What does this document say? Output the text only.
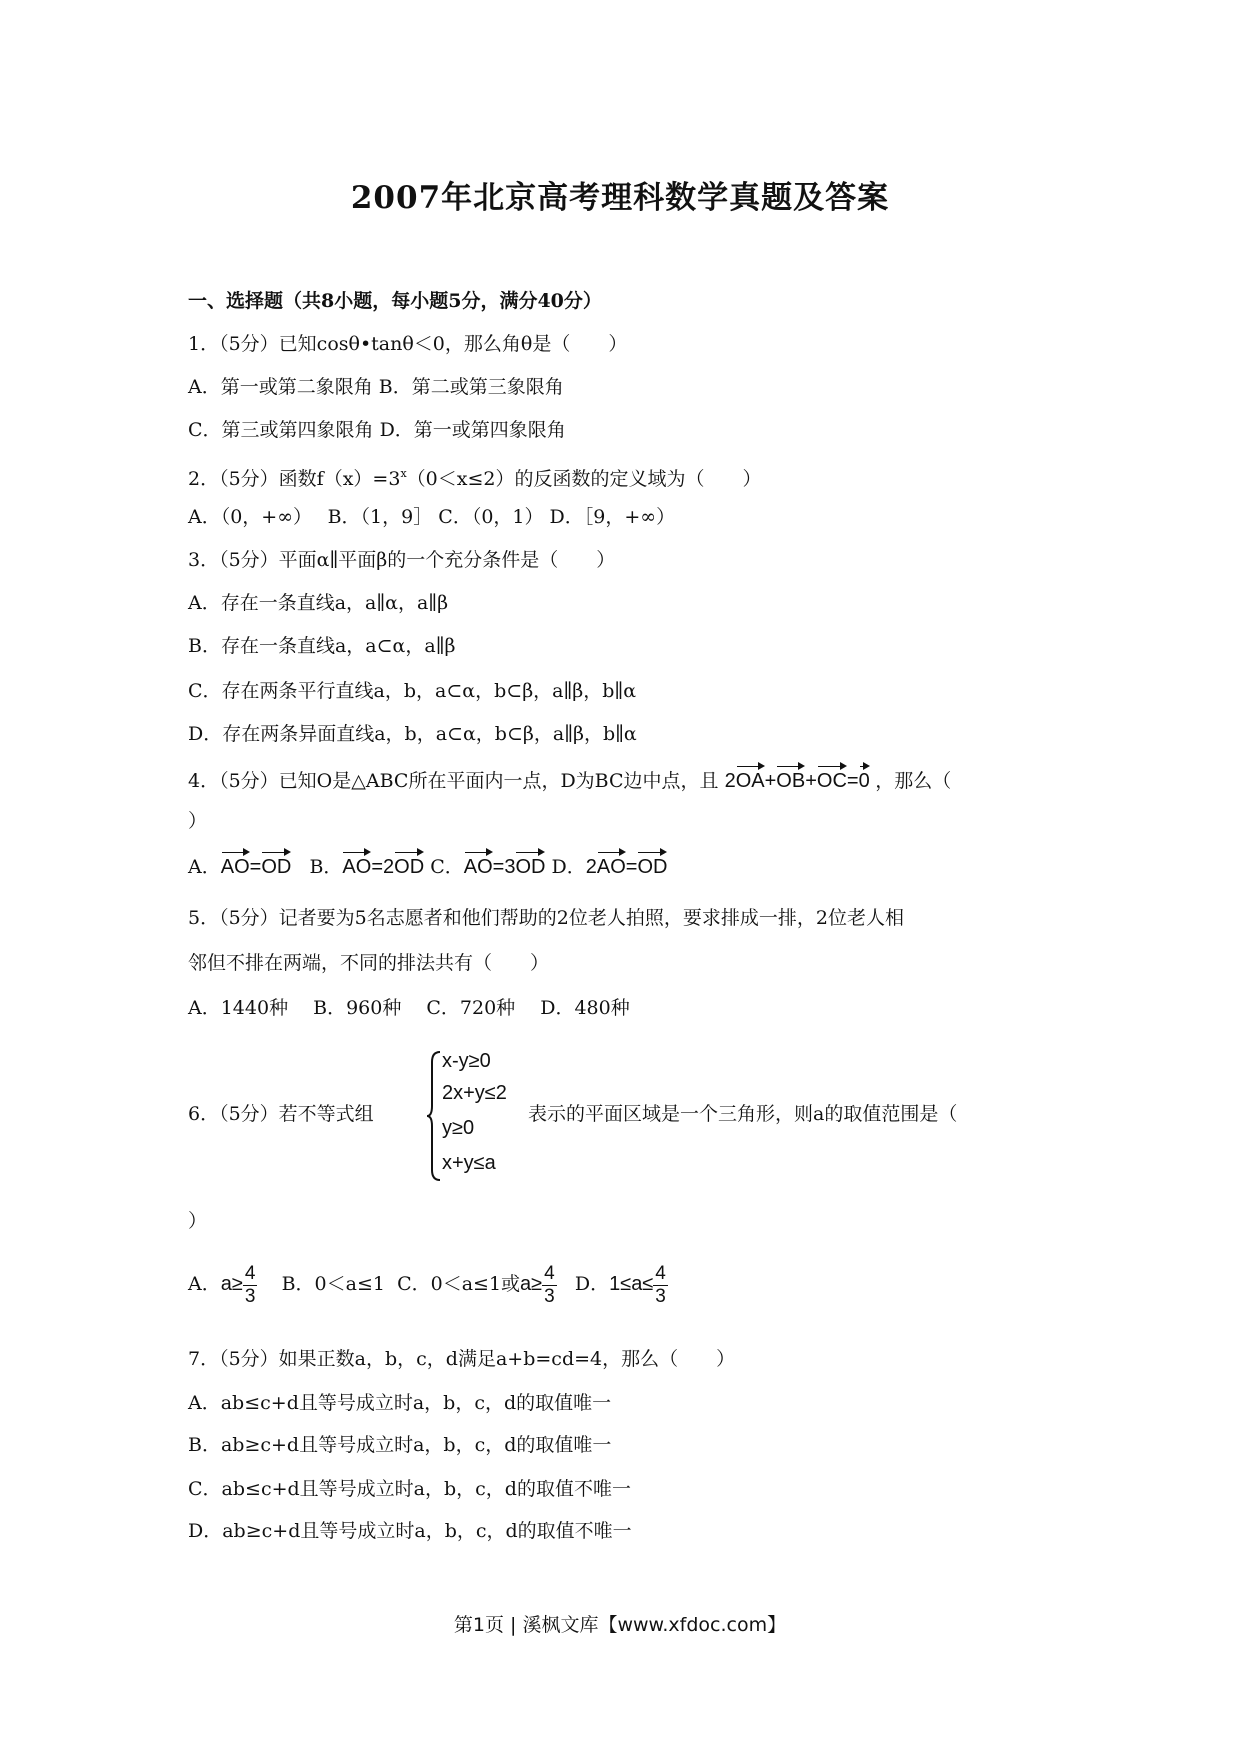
2007年北京高考理科数学真题及答案
一、选择题（共8小题，每小题5分，满分40分）
1．（5分）已知cosθ•tanθ＜0，那么角θ是（　　）
A．第一或第二象限角 B．第二或第三象限角
C．第三或第四象限角 D．第一或第四象限角
2．（5分）函数$f(x)=3^x(0<x\le 2)$的反函数的定义域为（　　）
A．（0，+∞）　 B．（1，9］ C．（0，1） D．［9，+∞）
3．（5分）平面α∥平面β的一个充分条件是（　　）
A．存在一条直线a，a∥α，a∥β
B．存在一条直线a，a⊂α，a∥β
C．存在两条平行直线a，b，a⊂α，b⊂β，a∥β，b∥α
D．存在两条异面直线a，b，a⊂α，b⊂β，a∥β，b∥α
4．（5分）已知O是△ABC所在平面内一点，D为BC边中点，且 2OA+OB+OC=0 ，那么（
）
A．AO=OD B．AO=2OD C．AO=3OD D．2AO=OD
5．（5分）记者要为5名志愿者和他们帮助的2位老人拍照，要求排成一排，2位老人相
邻但不排在两端，不同的排法共有（　　）
A．1440种　 B．960种　 C．720种　 D．480种
6．（5分）若不等式组
x-y≥0
2x+y≤2
y≥0
x+y≤a
表示的平面区域是一个三角形，则a的取值范围是（
）
A．$a\ge \frac{4}{3}$ B．0＜a≤1 C．0＜a≤1或$a\ge \frac{4}{3}$ D．$1\le a\le \frac{4}{3}$
7．（5分）如果正数a，b，c，d满足a+b=cd=4，那么（　　）
A．ab≤c+d且等号成立时a，b，c，d的取值唯一
B．ab≥c+d且等号成立时a，b，c，d的取值唯一
C．ab≤c+d且等号成立时a，b，c，d的取值不唯一
D．ab≥c+d且等号成立时a，b，c，d的取值不唯一
第1页 | 溪枫文库【www.xfdoc.com】
